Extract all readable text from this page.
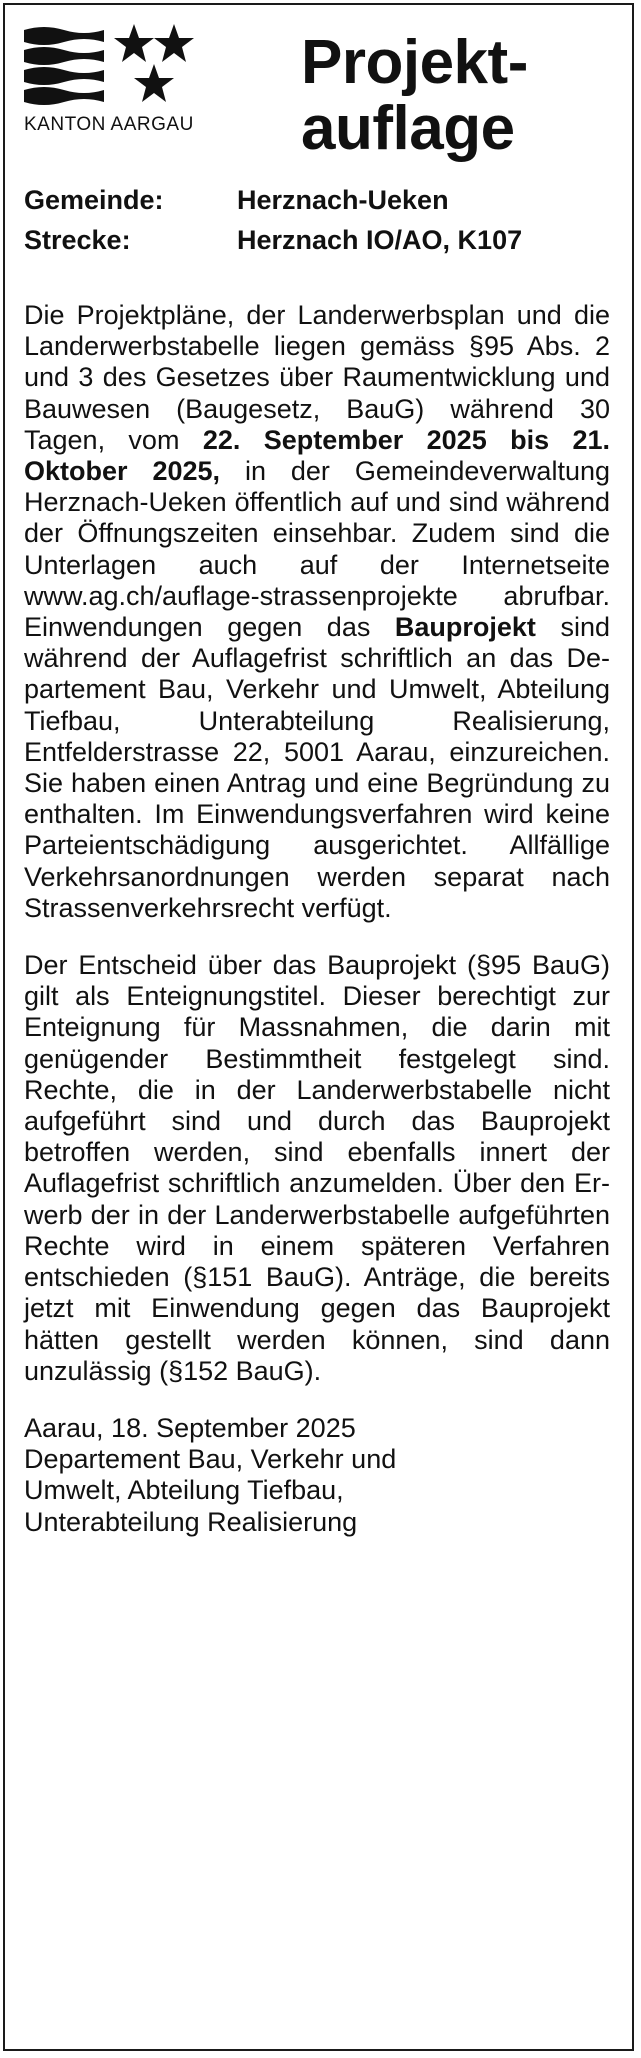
KANTON AARGAU
Projekt-
auflage
Gemeinde:	Herznach-Ueken
Strecke:	Herznach IO/AO, K107

Die Projektpläne, der Landerwerbsplan und die Landerwerbstabelle liegen gemäss §95 Abs. 2 und 3 des Gesetzes über Raumentwicklung und Bauwesen (Baugesetz, BauG) während 30 Tagen, vom 22. September 2025 bis 21. Oktober 2025, in der Gemeindeverwaltung Herznach-Ueken öffentlich auf und sind während der Öffnungszeiten einsehbar. Zudem sind die Unterlagen auch auf der Internetseite www.ag.ch/auflage-strassenprojekte abrufbar. Einwendungen gegen das Bauprojekt sind während der Auflagefrist schriftlich an das Departement Bau, Verkehr und Umwelt, Abteilung Tiefbau, Unterabteilung Realisierung, Entfelderstrasse 22, 5001 Aarau, einzureichen. Sie haben einen Antrag und eine Begründung zu enthalten. Im Einwendungsverfahren wird keine Parteientschädigung ausgerichtet. Allfällige Verkehrsanordnungen werden separat nach Strassenverkehrsrecht verfügt.

Der Entscheid über das Bauprojekt (§95 BauG) gilt als Enteignungstitel. Dieser berechtigt zur Enteignung für Massnahmen, die darin mit genügender Bestimmtheit festgelegt sind. Rechte, die in der Landerwerbstabelle nicht aufgeführt sind und durch das Bauprojekt betroffen werden, sind ebenfalls innert der Auflagefrist schriftlich anzumelden. Über den Erwerb der in der Landerwerbstabelle aufgeführten Rechte wird in einem späteren Verfahren entschieden (§151 BauG). Anträge, die bereits jetzt mit Einwendung gegen das Bauprojekt hätten gestellt werden können, sind dann unzulässig (§152 BauG).

Aarau, 18. September 2025
Departement Bau, Verkehr und
Umwelt, Abteilung Tiefbau,
Unterabteilung Realisierung
